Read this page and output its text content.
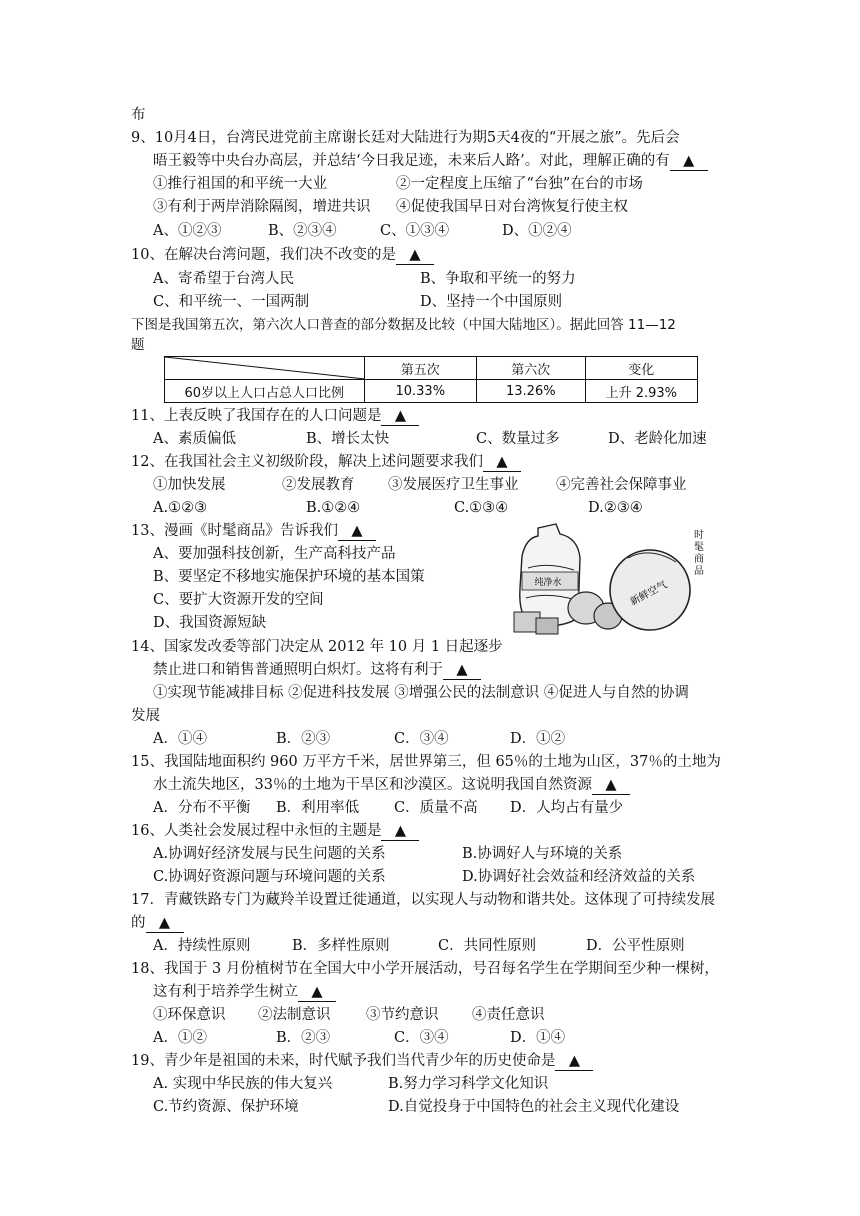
布
9、10月4日，台湾民进党前主席谢长廷对大陆进行为期5天4夜的“开展之旅”。先后会
晤王毅等中央台办高层，并总结‘今日我足迹，未来后人路’。对此，理解正确的有 ▲
①推行祖国的和平统一大业	②一定程度上压缩了“台独”在台的市场
③有利于两岸消除隔阂，增进共识 ④促使我国早日对台湾恢复行使主权
A、①②③	B、②③④	C、①③④	D、①②④
10、在解决台湾问题，我们决不改变的是 ▲
A、寄希望于台湾人民	B、争取和平统一的努力
C、和平统一、一国两制	D、坚持一个中国原则
下图是我国第五次，第六次人口普查的部分数据及比较（中国大陆地区）。据此回答 11—12
题
	第五次	第六次	变化
60岁以上人口占总人口比例	10.33%	13.26%	上升 2.93%
11、上表反映了我国存在的人口问题是 ▲
A、素质偏低	B、增长太快	C、数量过多	D、老龄化加速
12、在我国社会主义初级阶段，解决上述问题要求我们 ▲
①加快发展	②发展教育 ③发展医疗卫生事业	④完善社会保障事业
A.①②③	B.①②④	C.①③④	D.②③④
13、漫画《时髦商品》告诉我们 ▲
A、要加强科技创新，生产高科技产品
B、要坚定不移地实施保护环境的基本国策
C、要扩大资源开发的空间
D、我国资源短缺
纯净水	新鲜空气
时 髦 商 品
14、国家发改委等部门决定从 2012 年 10 月 1 日起逐步
禁止进口和销售普通照明白炽灯。这将有利于 ▲
①实现节能减排目标 ②促进科技发展 ③增强公民的法制意识 ④促进人与自然的协调
发展
A．①④	B．②③	C．③④	D．①②
15、我国陆地面积约 960 万平方千米，居世界第三，但 65％的土地为山区，37％的土地为
水土流失地区，33％的土地为干旱区和沙漠区。这说明我国自然资源 ▲
A．分布不平衡 B．利用率低 C．质量不高 D．人均占有量少
16、人类社会发展过程中永恒的主题是 ▲
A.协调好经济发展与民生问题的关系	B.协调好人与环境的关系
C.协调好资源问题与环境问题的关系	D.协调好社会效益和经济效益的关系
17．青藏铁路专门为藏羚羊设置迁徙通道，以实现人与动物和谐共处。这体现了可持续发展
的 ▲
A．持续性原则	B．多样性原则	C．共同性原则	D．公平性原则
18、我国于 3 月份植树节在全国大中小学开展活动，号召每名学生在学期间至少种一棵树，
这有利于培养学生树立 ▲
①环保意识 ②法制意识 ③节约意识 ④责任意识
A．①②	B．②③	C．③④	D．①④
19、青少年是祖国的未来，时代赋予我们当代青少年的历史使命是 ▲
A. 实现中华民族的伟大复兴	B.努力学习科学文化知识
C.节约资源、保护环境	D.自觉投身于中国特色的社会主义现代化建设
